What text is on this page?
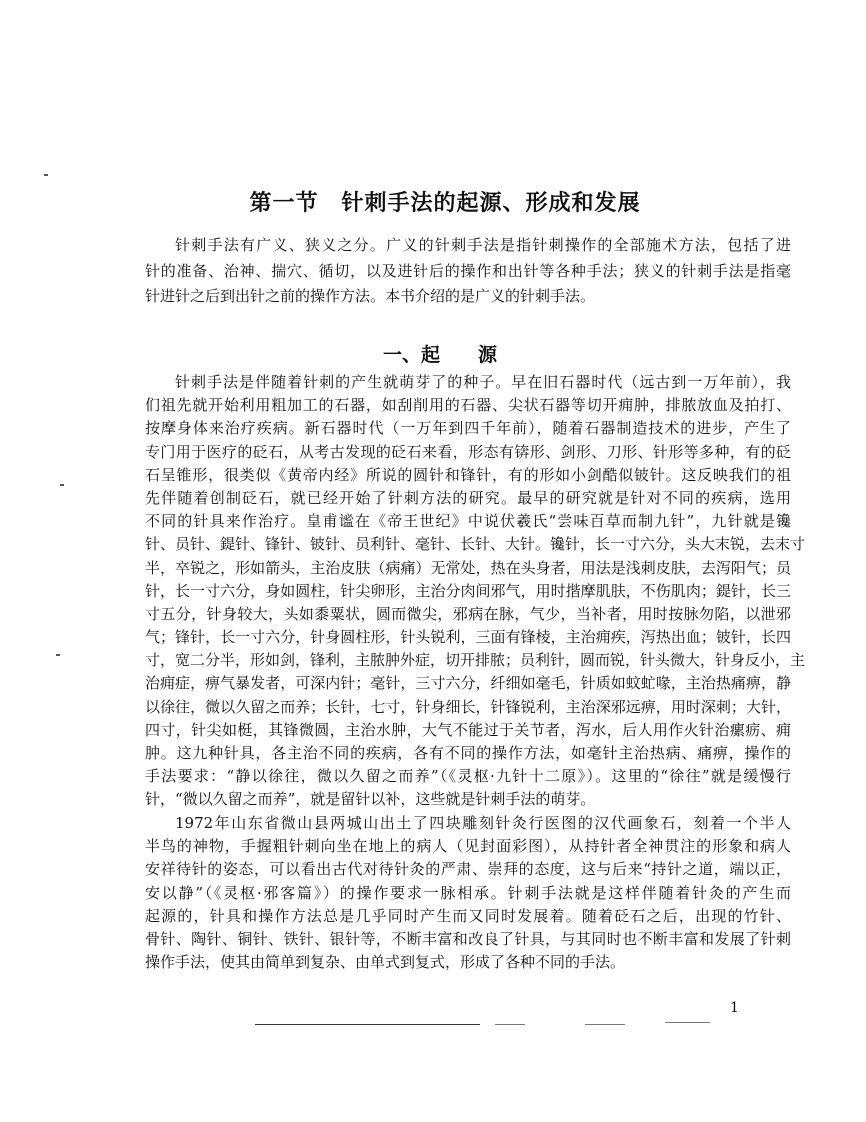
第一节　针刺手法的起源、形成和发展
针刺手法有广义、狭义之分。广义的针刺手法是指针刺操作的全部施术方法，包括了进
针的准备、治神、揣穴、循切，以及进针后的操作和出针等各种手法；狭义的针刺手法是指毫
针进针之后到出针之前的操作方法。本书介绍的是广义的针刺手法。
一、起　　源
针刺手法是伴随着针刺的产生就萌芽了的种子。早在旧石器时代（远古到一万年前），我
们祖先就开始利用粗加工的石器，如刮削用的石器、尖状石器等切开痈肿，排脓放血及拍打、
按摩身体来治疗疾病。新石器时代（一万年到四千年前），随着石器制造技术的进步，产生了
专门用于医疗的砭石，从考古发现的砭石来看，形态有锛形、剑形、刀形、针形等多种，有的砭
石呈锥形，很类似《黄帝内经》所说的圆针和锋针，有的形如小剑酷似铍针。这反映我们的祖
先伴随着创制砭石，就已经开始了针刺方法的研究。最早的研究就是针对不同的疾病，选用
不同的针具来作治疗。皇甫谧在《帝王世纪》中说伏羲氏“尝味百草而制九针”，九针就是镵
针、员针、鍉针、锋针、铍针、员利针、毫针、长针、大针。镵针，长一寸六分，头大末锐，去末寸
半，卒锐之，形如箭头，主治皮肤（病痛）无常处，热在头身者，用法是浅刺皮肤，去泻阳气；员
针，长一寸六分，身如圆柱，针尖卵形，主治分肉间邪气，用时揩摩肌肤，不伤肌肉；鍉针，长三
寸五分，针身较大，头如黍粟状，圆而微尖，邪病在脉，气少，当补者，用时按脉勿陷，以泄邪
气；锋针，长一寸六分，针身圆柱形，针头锐利，三面有锋棱，主治痈疾，泻热出血；铍针，长四
寸，宽二分半，形如剑，锋利，主脓肿外症，切开排脓；员利针，圆而锐，针头微大，针身反小，主
治痈症，痹气暴发者，可深内针；毫针，三寸六分，纤细如毫毛，针质如蚊虻喙，主治热痛痹，静
以徐往，微以久留之而养；长针，七寸，针身细长，针锋锐利，主治深邪远痹，用时深刺；大针，
四寸，针尖如梃，其锋微圆，主治水肿，大气不能过于关节者，泻水，后人用作火针治瘰疬、痈
肿。这九种针具，各主治不同的疾病，各有不同的操作方法，如毫针主治热病、痛痹，操作的
手法要求：“静以徐往，微以久留之而养”（《灵枢·九针十二原》）。这里的“徐往”就是缓慢行
针，“微以久留之而养”，就是留针以补，这些就是针刺手法的萌芽。
1972年山东省微山县两城山出土了四块雕刻针灸行医图的汉代画象石，刻着一个半人
半鸟的神物，手握粗针刺向坐在地上的病人（见封面彩图），从持针者全神贯注的形象和病人
安祥待针的姿态，可以看出古代对待针灸的严肃、崇拜的态度，这与后来“持针之道，端以正，
安以静”（《灵枢·邪客篇》）的操作要求一脉相承。针刺手法就是这样伴随着针灸的产生而
起源的，针具和操作方法总是几乎同时产生而又同时发展着。随着砭石之后，出现的竹针、
骨针、陶针、铜针、铁针、银针等，不断丰富和改良了针具，与其同时也不断丰富和发展了针刺
操作手法，使其由简单到复杂、由单式到复式，形成了各种不同的手法。
1
